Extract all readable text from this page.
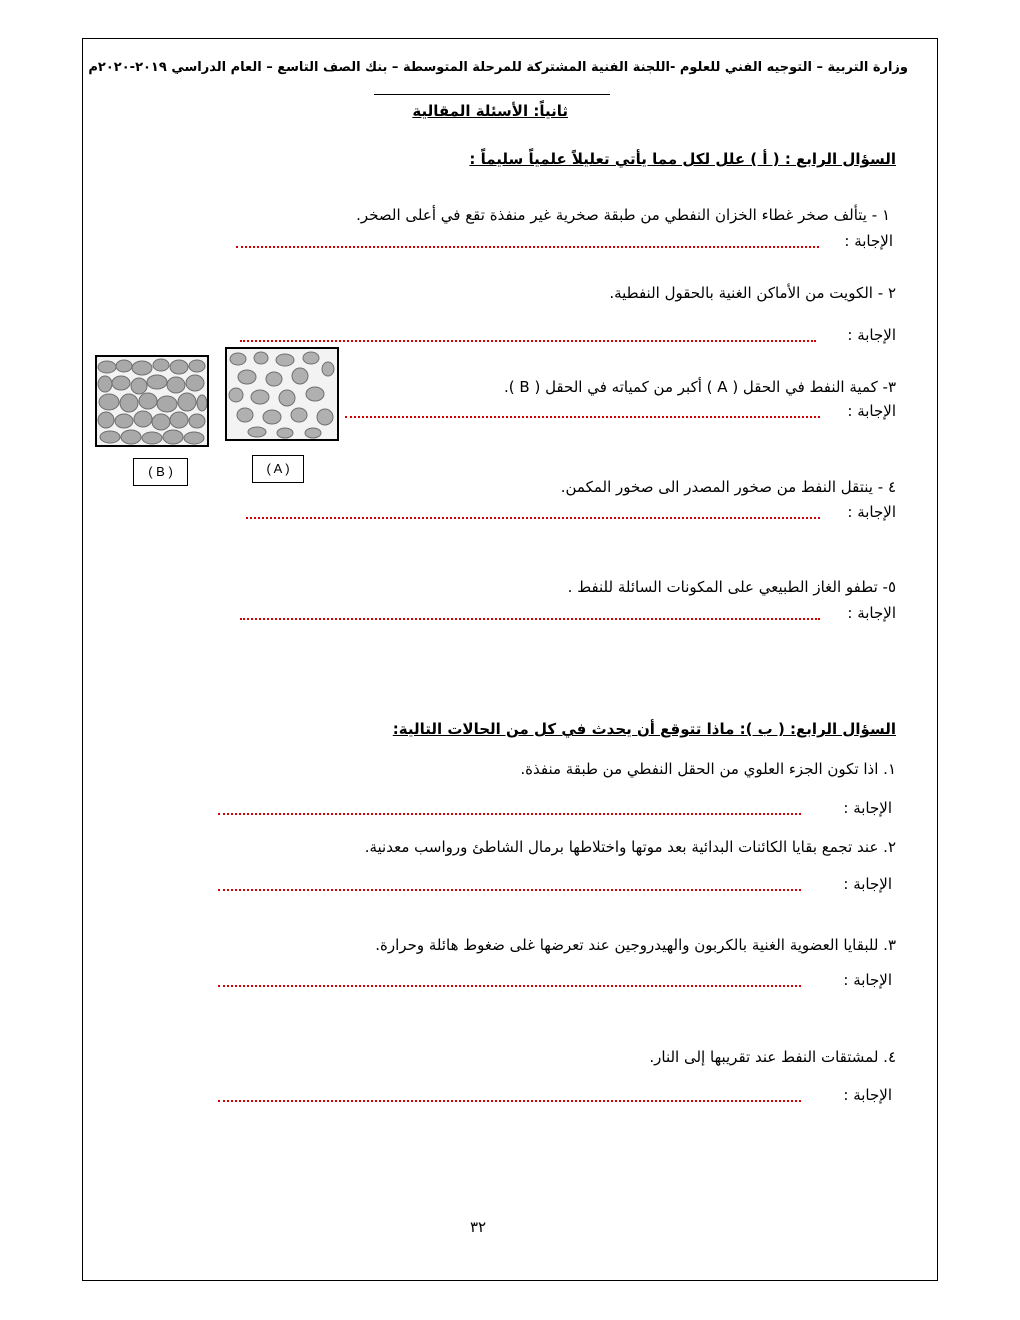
وزارة التربية – التوجيه الفني للعلوم -اللجنة الفنية المشتركة للمرحلة المتوسطة – بنك الصف التاسع – العام الدراسي ٢٠١٩-٢٠٢٠م
ثانياً: الأسئلة المقالية
السؤال الرابع : ( أ ) علل لكل مما يأتي تعليلاً علمياً سليماً :
١ - يتألف صخر غطاء الخزان النفطي من طبقة صخرية غير منفذة تقع في أعلى الصخر.
الإجابة :
٢ - الكويت من الأماكن الغنية بالحقول النفطية.
الإجابة :
٣- كمية النفط في الحقل ( A ) أكبر من كمياته في الحقل ( B ).
الإجابة :
( B )	( A )
٤ - ينتقل النفط من صخور المصدر الى صخور المكمن.
الإجابة :
٥- تطفو الغاز الطبيعي على المكونات السائلة للنفط .
الإجابة :
السؤال الرابع: ( ب ): ماذا تتوقع أن يحدث في كل من الحالات التالية:
١. اذا تكون الجزء العلوي من الحقل النفطي من طبقة منفذة.
الإجابة :
٢. عند تجمع بقايا الكائنات البدائية بعد موتها واختلاطها برمال الشاطئ ورواسب معدنية.
الإجابة :
٣. للبقايا العضوية الغنية بالكربون والهيدروجين عند تعرضها غلى ضغوط هائلة وحرارة.
الإجابة :
٤. لمشتقات النفط عند تقريبها إلى النار.
الإجابة :
٣٢
